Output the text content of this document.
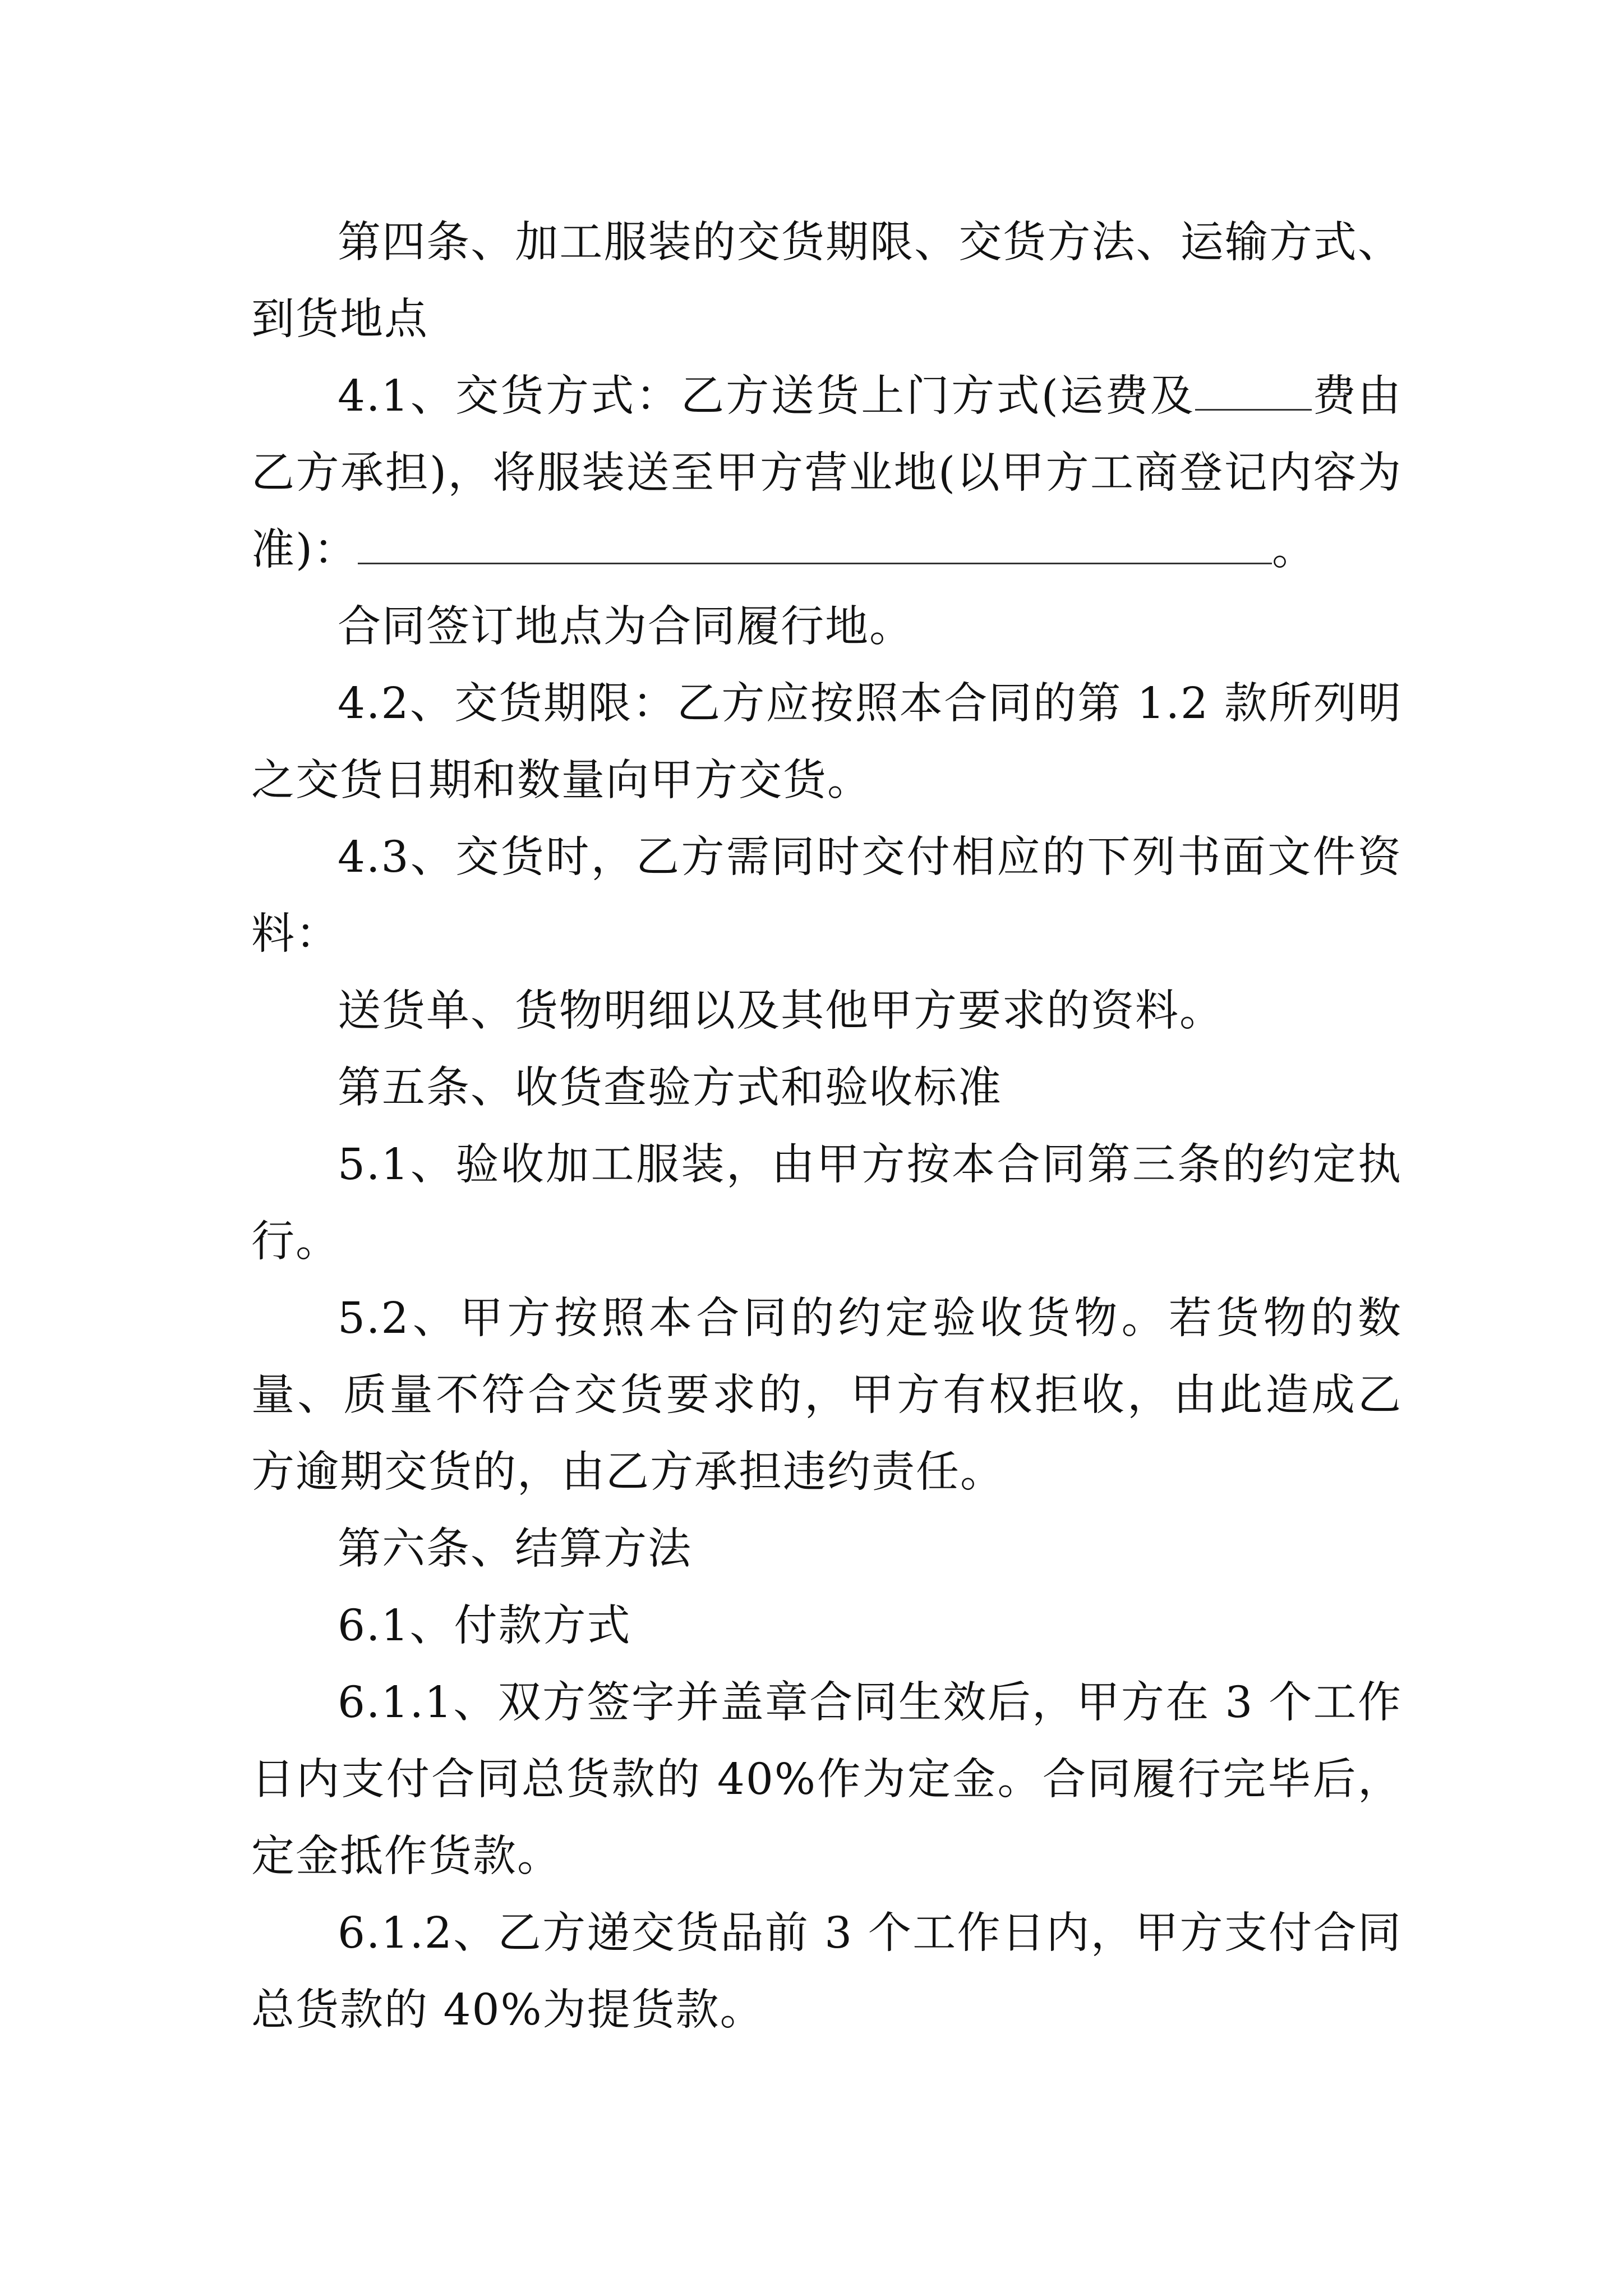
第四条、加工服装的交货期限、交货方法、运输方式、到货地点

4.1、交货方式：乙方送货上门方式(运费及	费由乙方承担)，将服装送至甲方营业地(以甲方工商登记内容为准)：	。

合同签订地点为合同履行地。

4.2、交货期限：乙方应按照本合同的第 1.2 款所列明之交货日期和数量向甲方交货。

4.3、交货时，乙方需同时交付相应的下列书面文件资料：

送货单、货物明细以及其他甲方要求的资料。

第五条、收货查验方式和验收标准

5.1、验收加工服装，由甲方按本合同第三条的约定执行。

5.2、甲方按照本合同的约定验收货物。若货物的数量、质量不符合交货要求的，甲方有权拒收，由此造成乙方逾期交货的，由乙方承担违约责任。

第六条、结算方法

6.1、付款方式

6.1.1、双方签字并盖章合同生效后，甲方在 3 个工作日内支付合同总货款的 40%作为定金。合同履行完毕后，定金抵作货款。

6.1.2、乙方递交货品前 3 个工作日内，甲方支付合同总货款的 40%为提货款。
